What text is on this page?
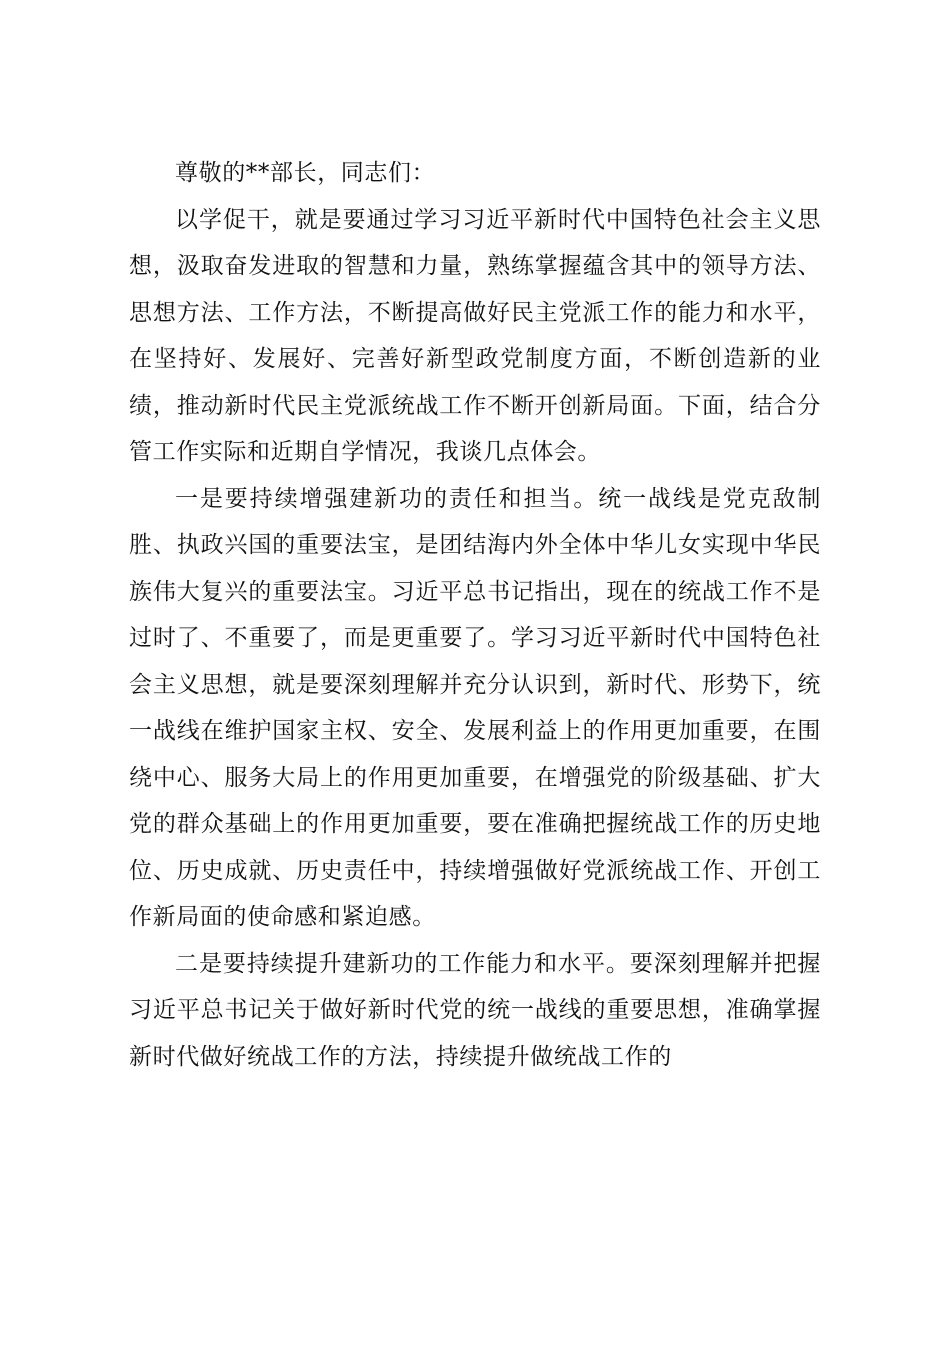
尊敬的**部长，同志们：

以学促干，就是要通过学习习近平新时代中国特色社会主义思想，汲取奋发进取的智慧和力量，熟练掌握蕴含其中的领导方法、思想方法、工作方法，不断提高做好民主党派工作的能力和水平，在坚持好、发展好、完善好新型政党制度方面，不断创造新的业绩，推动新时代民主党派统战工作不断开创新局面。下面，结合分管工作实际和近期自学情况，我谈几点体会。

一是要持续增强建新功的责任和担当。统一战线是党克敌制胜、执政兴国的重要法宝，是团结海内外全体中华儿女实现中华民族伟大复兴的重要法宝。习近平总书记指出，现在的统战工作不是过时了、不重要了，而是更重要了。学习习近平新时代中国特色社会主义思想，就是要深刻理解并充分认识到，新时代、形势下，统一战线在维护国家主权、安全、发展利益上的作用更加重要，在围绕中心、服务大局上的作用更加重要，在增强党的阶级基础、扩大党的群众基础上的作用更加重要，要在准确把握统战工作的历史地位、历史成就、历史责任中，持续增强做好党派统战工作、开创工作新局面的使命感和紧迫感。

二是要持续提升建新功的工作能力和水平。要深刻理解并把握习近平总书记关于做好新时代党的统一战线的重要思想，准确掌握新时代做好统战工作的方法，持续提升做统战工作的
